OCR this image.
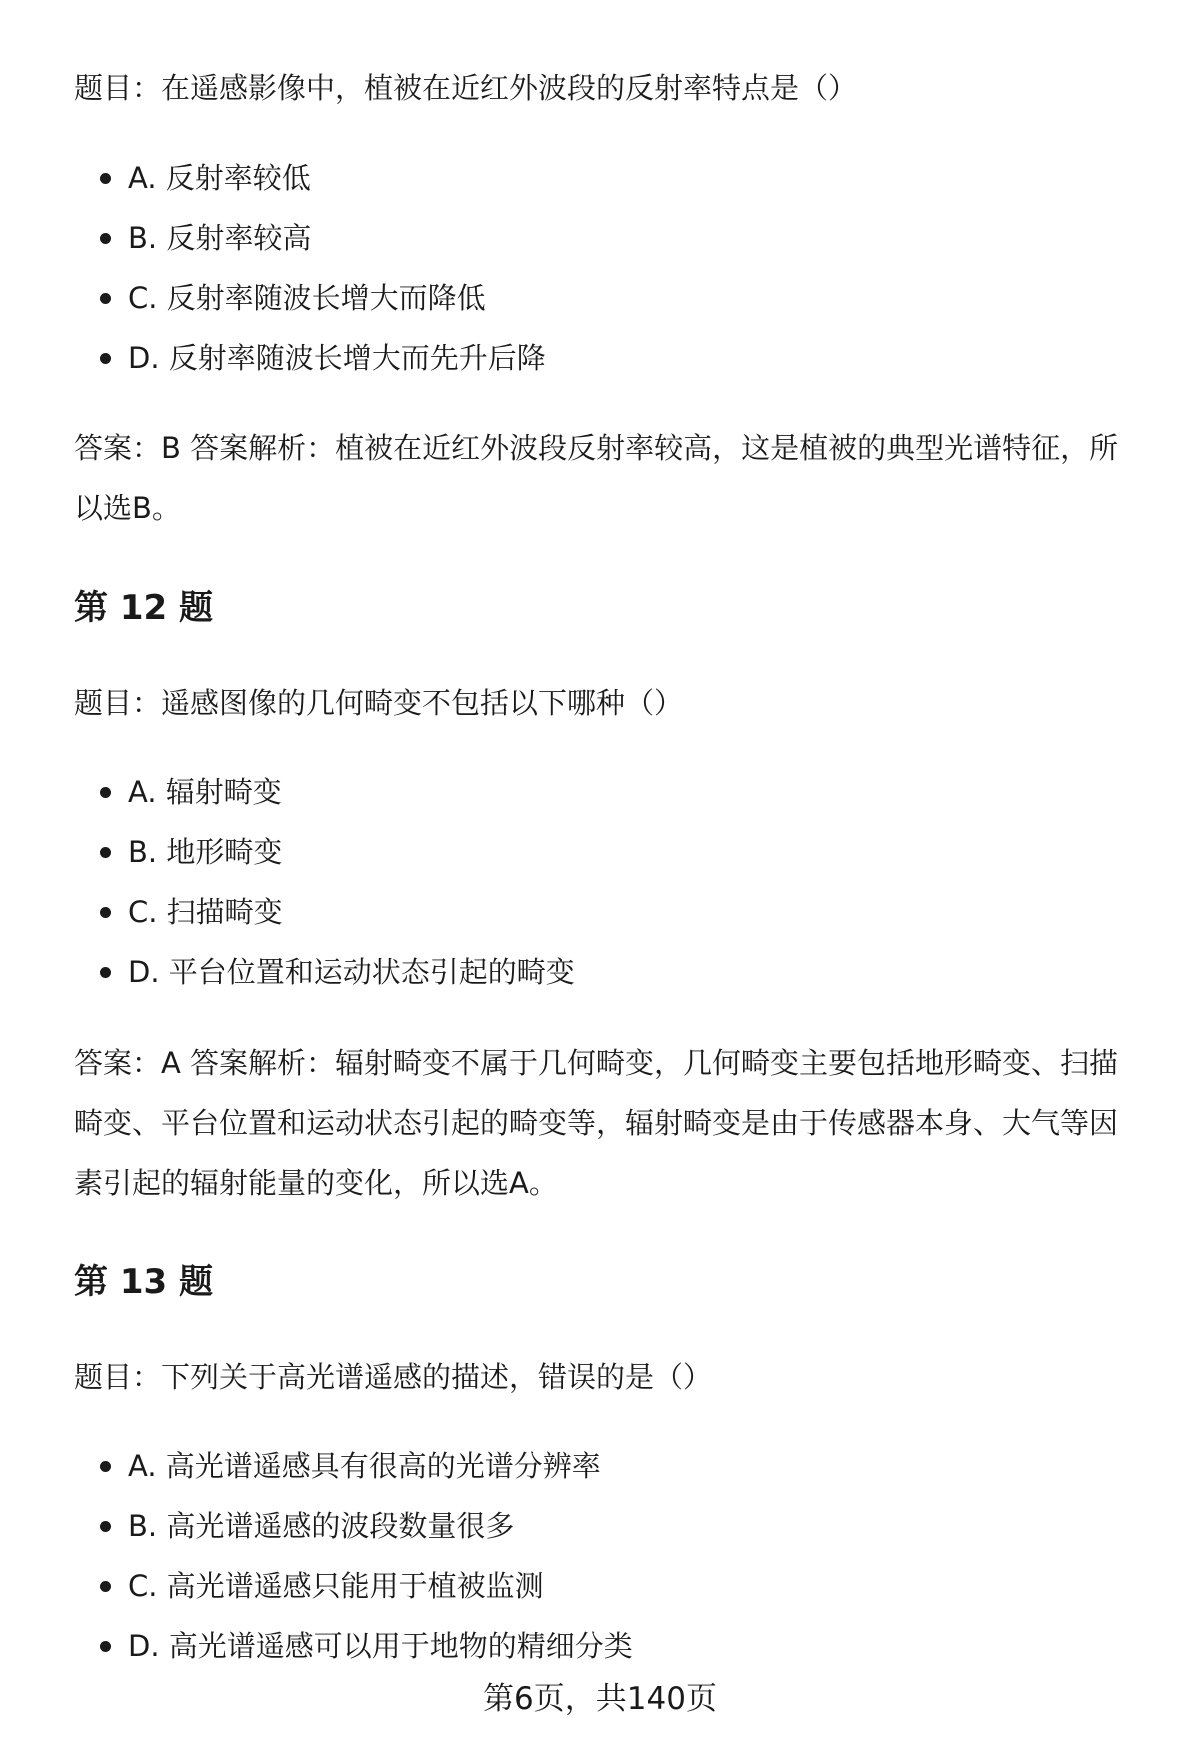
题目：在遥感影像中，植被在近红外波段的反射率特点是（）

A. 反射率较低
B. 反射率较高
C. 反射率随波长增大而降低
D. 反射率随波长增大而先升后降

答案：B 答案解析：植被在近红外波段反射率较高，这是植被的典型光谱特征，所以选B。

第 12 题

题目：遥感图像的几何畸变不包括以下哪种（）

A. 辐射畸变
B. 地形畸变
C. 扫描畸变
D. 平台位置和运动状态引起的畸变

答案：A 答案解析：辐射畸变不属于几何畸变，几何畸变主要包括地形畸变、扫描畸变、平台位置和运动状态引起的畸变等，辐射畸变是由于传感器本身、大气等因素引起的辐射能量的变化，所以选A。

第 13 题

题目：下列关于高光谱遥感的描述，错误的是（）

A. 高光谱遥感具有很高的光谱分辨率
B. 高光谱遥感的波段数量很多
C. 高光谱遥感只能用于植被监测
D. 高光谱遥感可以用于地物的精细分类
第6页，共140页
